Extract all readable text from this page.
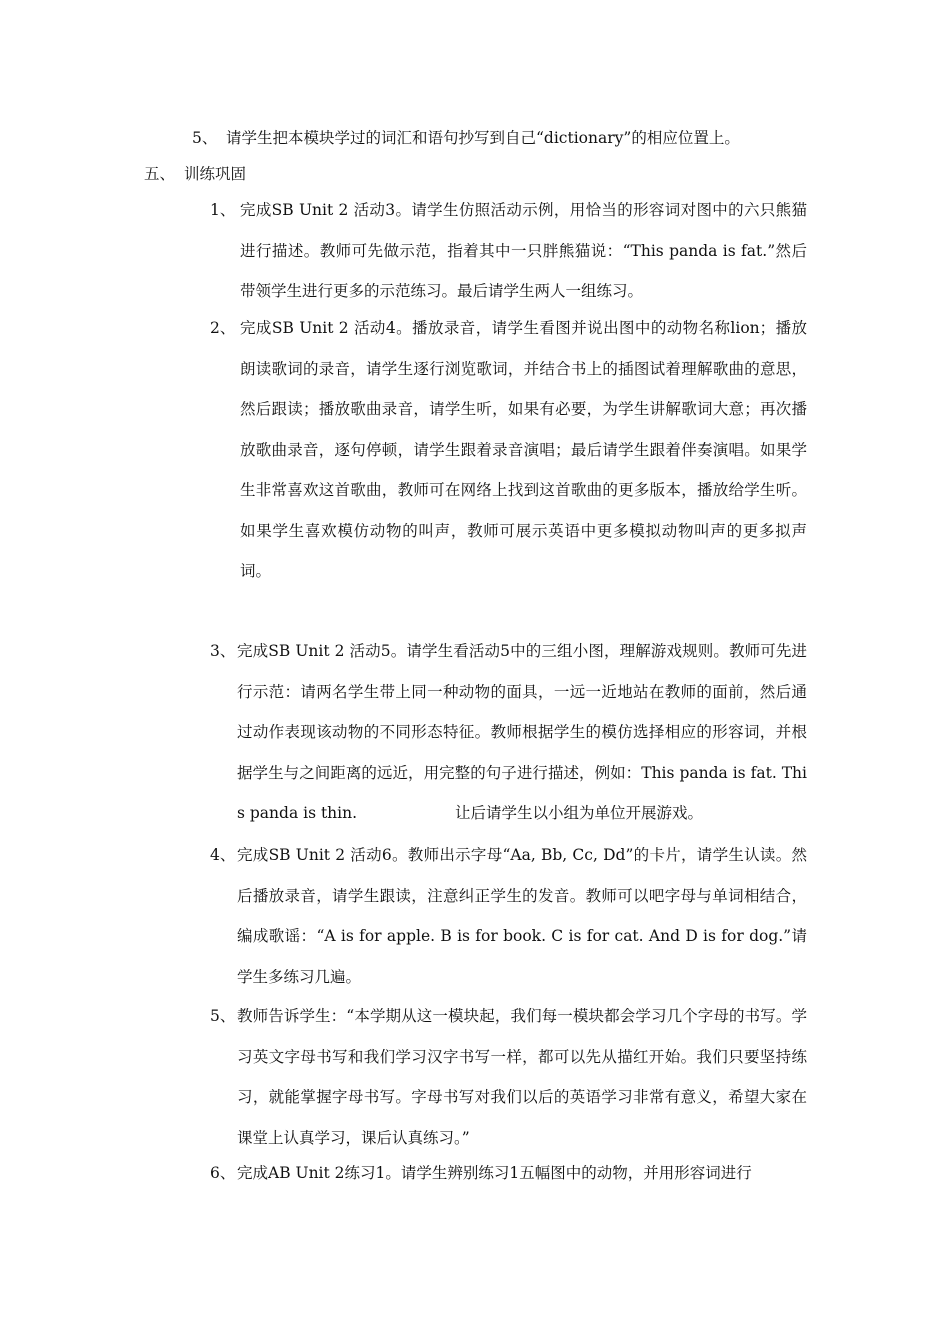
5、 请学生把本模块学过的词汇和语句抄写到自己“dictionary”的相应位置上。
五、 训练巩固
1、 完成SB Unit 2 活动3。请学生仿照活动示例，用恰当的形容词对图中的六只熊猫进行描述。教师可先做示范，指着其中一只胖熊猫说：“This panda is fat.”然后带领学生进行更多的示范练习。最后请学生两人一组练习。
2、 完成SB Unit 2 活动4。播放录音，请学生看图并说出图中的动物名称lion；播放朗读歌词的录音，请学生逐行浏览歌词，并结合书上的插图试着理解歌曲的意思，然后跟读；播放歌曲录音，请学生听，如果有必要，为学生讲解歌词大意；再次播放歌曲录音，逐句停顿，请学生跟着录音演唱；最后请学生跟着伴奏演唱。如果学生非常喜欢这首歌曲，教师可在网络上找到这首歌曲的更多版本，播放给学生听。如果学生喜欢模仿动物的叫声，教师可展示英语中更多模拟动物叫声的更多拟声词。
3、 完成SB Unit 2 活动5。请学生看活动5中的三组小图，理解游戏规则。教师可先进行示范：请两名学生带上同一种动物的面具，一远一近地站在教师的面前，然后通过动作表现该动物的不同形态特征。教师根据学生的模仿选择相应的形容词，并根据学生与之间距离的远近，用完整的句子进行描述，例如：This panda is fat. This panda is thin.	让后请学生以小组为单位开展游戏。
4、 完成SB Unit 2 活动6。教师出示字母“Aa, Bb, Cc, Dd”的卡片，请学生认读。然后播放录音，请学生跟读，注意纠正学生的发音。教师可以吧字母与单词相结合，编成歌谣：“A is for apple. B is for book. C is for cat. And D is for dog.”请学生多练习几遍。
5、 教师告诉学生：“本学期从这一模块起，我们每一模块都会学习几个字母的书写。学习英文字母书写和我们学习汉字书写一样，都可以先从描红开始。我们只要坚持练习，就能掌握字母书写。字母书写对我们以后的英语学习非常有意义，希望大家在课堂上认真学习，课后认真练习。”
6、 完成AB Unit 2练习1。请学生辨别练习1五幅图中的动物，并用形容词进行
